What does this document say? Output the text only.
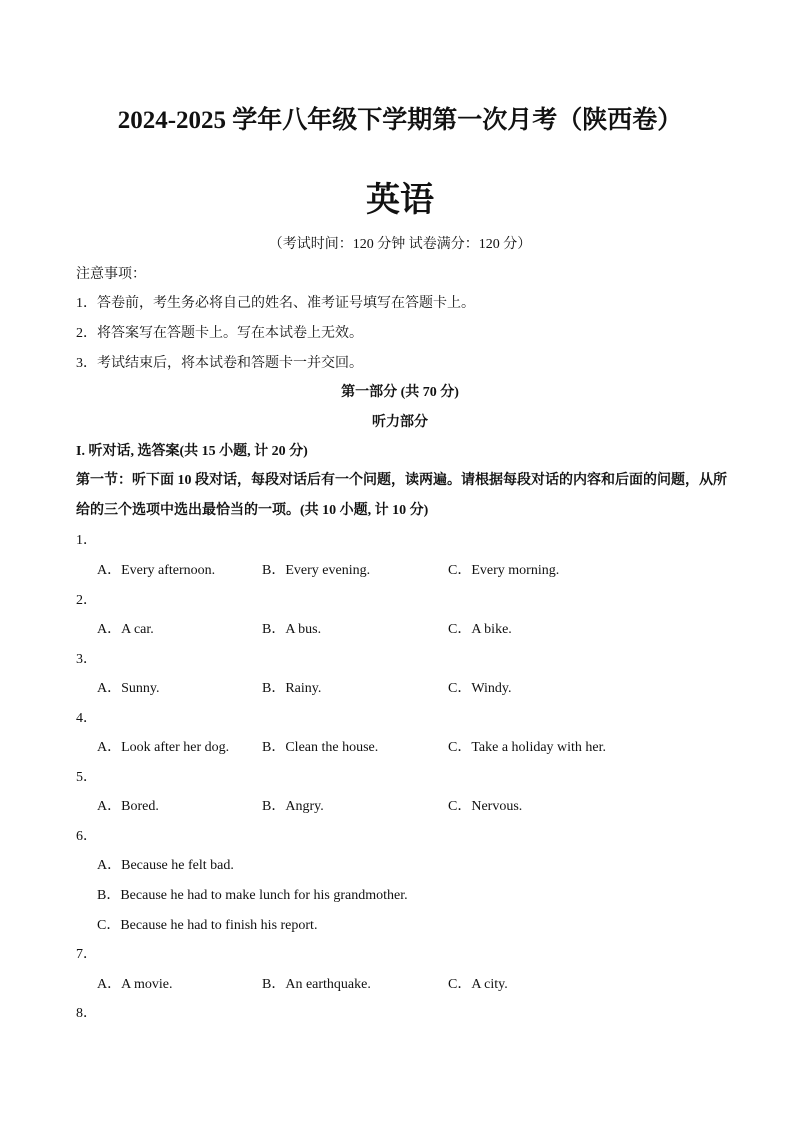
2024-2025 学年八年级下学期第一次月考（陕西卷）
英语
（考试时间：120 分钟 试卷满分：120 分）
注意事项：
1．答卷前，考生务必将自己的姓名、准考证号填写在答题卡上。
2．将答案写在答题卡上。写在本试卷上无效。
3．考试结束后，将本试卷和答题卡一并交回。
第一部分 (共 70 分)
听力部分
I. 听对话, 选答案(共 15 小题, 计 20 分)
第一节：听下面 10 段对话，每段对话后有一个问题，读两遍。请根据每段对话的内容和后面的问题，从所
给的三个选项中选出最恰当的一项。(共 10 小题, 计 10 分)
1．
A．Every afternoon.	B．Every evening.	C．Every morning.
2．
A．A car.	B．A bus.	C．A bike.
3．
A．Sunny.	B．Rainy.	C．Windy.
4．
A．Look after her dog. B．Clean the house.	C．Take a holiday with her.
5．
A．Bored.	B．Angry.	C．Nervous.
6．
A．Because he felt bad.
B．Because he had to make lunch for his grandmother.
C．Because he had to finish his report.
7．
A．A movie.	B．An earthquake.	C．A city.
8．
